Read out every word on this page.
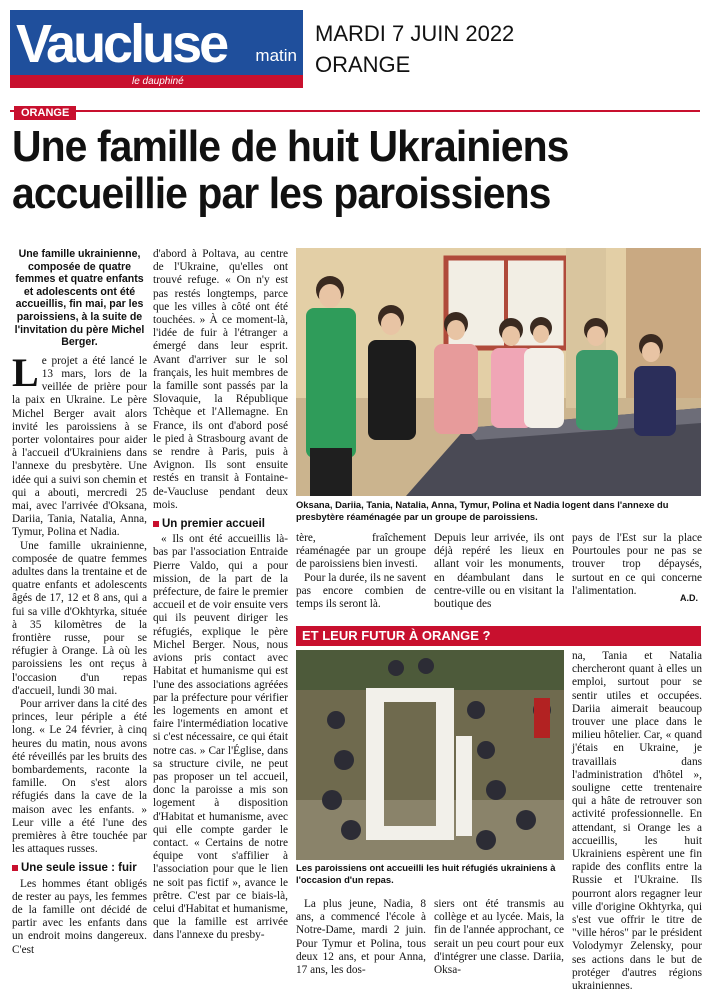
Vaucluse matin
le dauphiné
MARDI 7 JUIN 2022
ORANGE
ORANGE
Une famille de huit Ukrainiens
accueillie par les paroissiens
Une famille ukrainienne, composée de quatre femmes et quatre enfants et adolescents ont été accueillis, fin mai, par les paroissiens, à la suite de l'invitation du père Michel Berger.

Le projet a été lancé le 13 mars, lors de la veillée de prière pour la paix en Ukraine. Le père Michel Berger avait alors invité les paroissiens à se porter volontaires pour aider à l'accueil d'Ukrainiens dans l'annexe du presbytère. Une idée qui a suivi son chemin et qui a abouti, mercredi 25 mai, avec l'arrivée d'Oksana, Dariia, Tania, Natalia, Anna, Tymur, Polina et Nadia.

Une famille ukrainienne, composée de quatre femmes adultes dans la trentaine et de quatre enfants et adolescents âgés de 17, 12 et 8 ans, qui a fui sa ville d'Okhtyrka, située à 35 kilomètres de la frontière russe, pour se réfugier à Orange. Là où les paroissiens les ont reçus à l'occasion d'un repas d'accueil, lundi 30 mai.

Pour arriver dans la cité des princes, leur périple a été long. « Le 24 février, à cinq heures du matin, nous avons été réveillés par les bruits des bombardements, raconte la famille. On s'est alors réfugiés dans la cave de la maison avec les enfants. » Leur ville a été l'une des premières à être touchée par les attaques russes.

Une seule issue : fuir

Les hommes étant obligés de rester au pays, les femmes de la famille ont décidé de partir avec les enfants dans un endroit moins dangereux. C'est

d'abord à Poltava, au centre de l'Ukraine, qu'elles ont trouvé refuge. « On n'y est pas restés longtemps, parce que les villes à côté ont été touchées. » À ce moment-là, l'idée de fuir à l'étranger a émergé dans leur esprit. Avant d'arriver sur le sol français, les huit membres de la famille sont passés par la Slovaquie, la République Tchèque et l'Allemagne. En France, ils ont d'abord posé le pied à Strasbourg avant de se rendre à Paris, puis à Avignon. Ils sont ensuite restés en transit à Fontaine-de-Vaucluse pendant deux mois.

Un premier accueil

« Ils ont été accueillis là-bas par l'association Entraide Pierre Valdo, qui a pour mission, de la part de la préfecture, de faire le premier accueil et de voir ensuite vers qui ils peuvent diriger les réfugiés, explique le père Michel Berger. Nous, nous avions pris contact avec Habitat et humanisme qui est l'une des associations agréées par la préfecture pour vérifier les logements en amont et faire l'intermédiation locative si c'est nécessaire, ce qui était notre cas. » Car l'Église, dans sa structure civile, ne peut pas proposer un tel accueil, donc la paroisse a mis son logement à disposition d'Habitat et humanisme, avec qui elle compte garder le contact. « Certains de notre équipe vont s'affilier à l'association pour que le lien ne soit pas fictif », avance le prêtre. C'est par ce biais-là, celui d'Habitat et humanisme, que la famille est arrivée dans l'annexe du presby-

Oksana, Dariia, Tania, Natalia, Anna, Tymur, Polina et Nadia logent dans l'annexe du presbytère réaménagée par un groupe de paroissiens.

tère, fraîchement réaménagée par un groupe de paroissiens bien investi.

Pour la durée, ils ne savent pas encore combien de temps ils seront là.

Depuis leur arrivée, ils ont déjà repéré les lieux en allant voir les monuments, en déambulant dans le centre-ville ou en visitant la boutique des

pays de l'Est sur la place Pourtoules pour ne pas se trouver trop dépaysés, surtout en ce qui concerne l'alimentation.

A.D.
ET LEUR FUTUR À ORANGE ?
Les paroissiens ont accueilli les huit réfugiés ukrainiens à l'occasion d'un repas.

La plus jeune, Nadia, 8 ans, a commencé l'école à Notre-Dame, mardi 2 juin. Pour Tymur et Polina, tous deux 12 ans, et pour Anna, 17 ans, les dos-

siers ont été transmis au collège et au lycée. Mais, la fin de l'année approchant, ce serait un peu court pour eux d'intégrer une classe. Dariia, Oksa-

na, Tania et Natalia chercheront quant à elles un emploi, surtout pour se sentir utiles et occupées. Dariia aimerait beaucoup trouver une place dans le milieu hôtelier. Car, « quand j'étais en Ukraine, je travaillais dans l'administration d'hôtel », souligne cette trentenaire qui a hâte de retrouver son activité professionnelle. En attendant, si Orange les a accueillis, les huit Ukrainiens espèrent une fin rapide des conflits entre la Russie et l'Ukraine. Ils pourront alors regagner leur ville d'origine Okhtyrka, qui s'est vue offrir le titre de "ville héros" par le président Volodymyr Zelensky, pour ses actions dans le but de protéger d'autres régions ukrainiennes.
